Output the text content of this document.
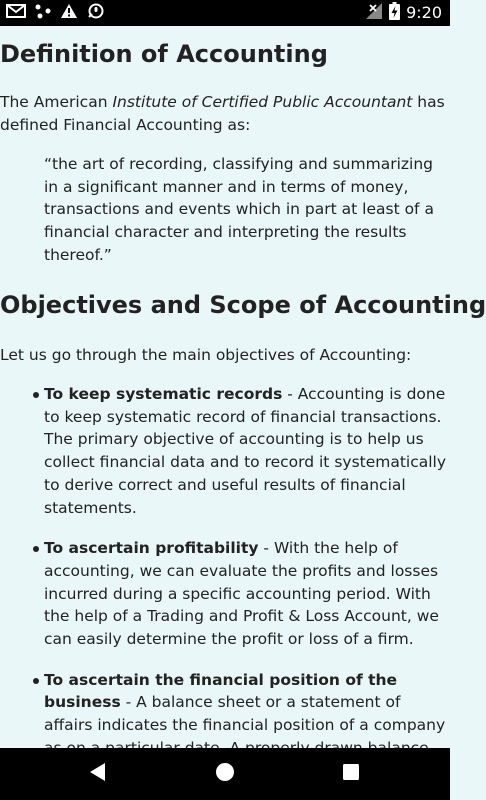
9:20
Definition of Accounting

The American Institute of Certified Public Accountant has defined Financial Accounting as:

“the art of recording, classifying and summarizing in a significant manner and in terms of money, transactions and events which in part at least of a financial character and interpreting the results thereof.”
Objectives and Scope of Accounting

Let us go through the main objectives of Accounting:

To keep systematic records - Accounting is done to keep systematic record of financial transactions. The primary objective of accounting is to help us collect financial data and to record it systematically to derive correct and useful results of financial statements.
To ascertain profitability - With the help of accounting, we can evaluate the profits and losses incurred during a specific accounting period. With the help of a Trading and Profit & Loss Account, we can easily determine the profit or loss of a firm.
To ascertain the financial position of the business - A balance sheet or a statement of affairs indicates the financial position of a company
